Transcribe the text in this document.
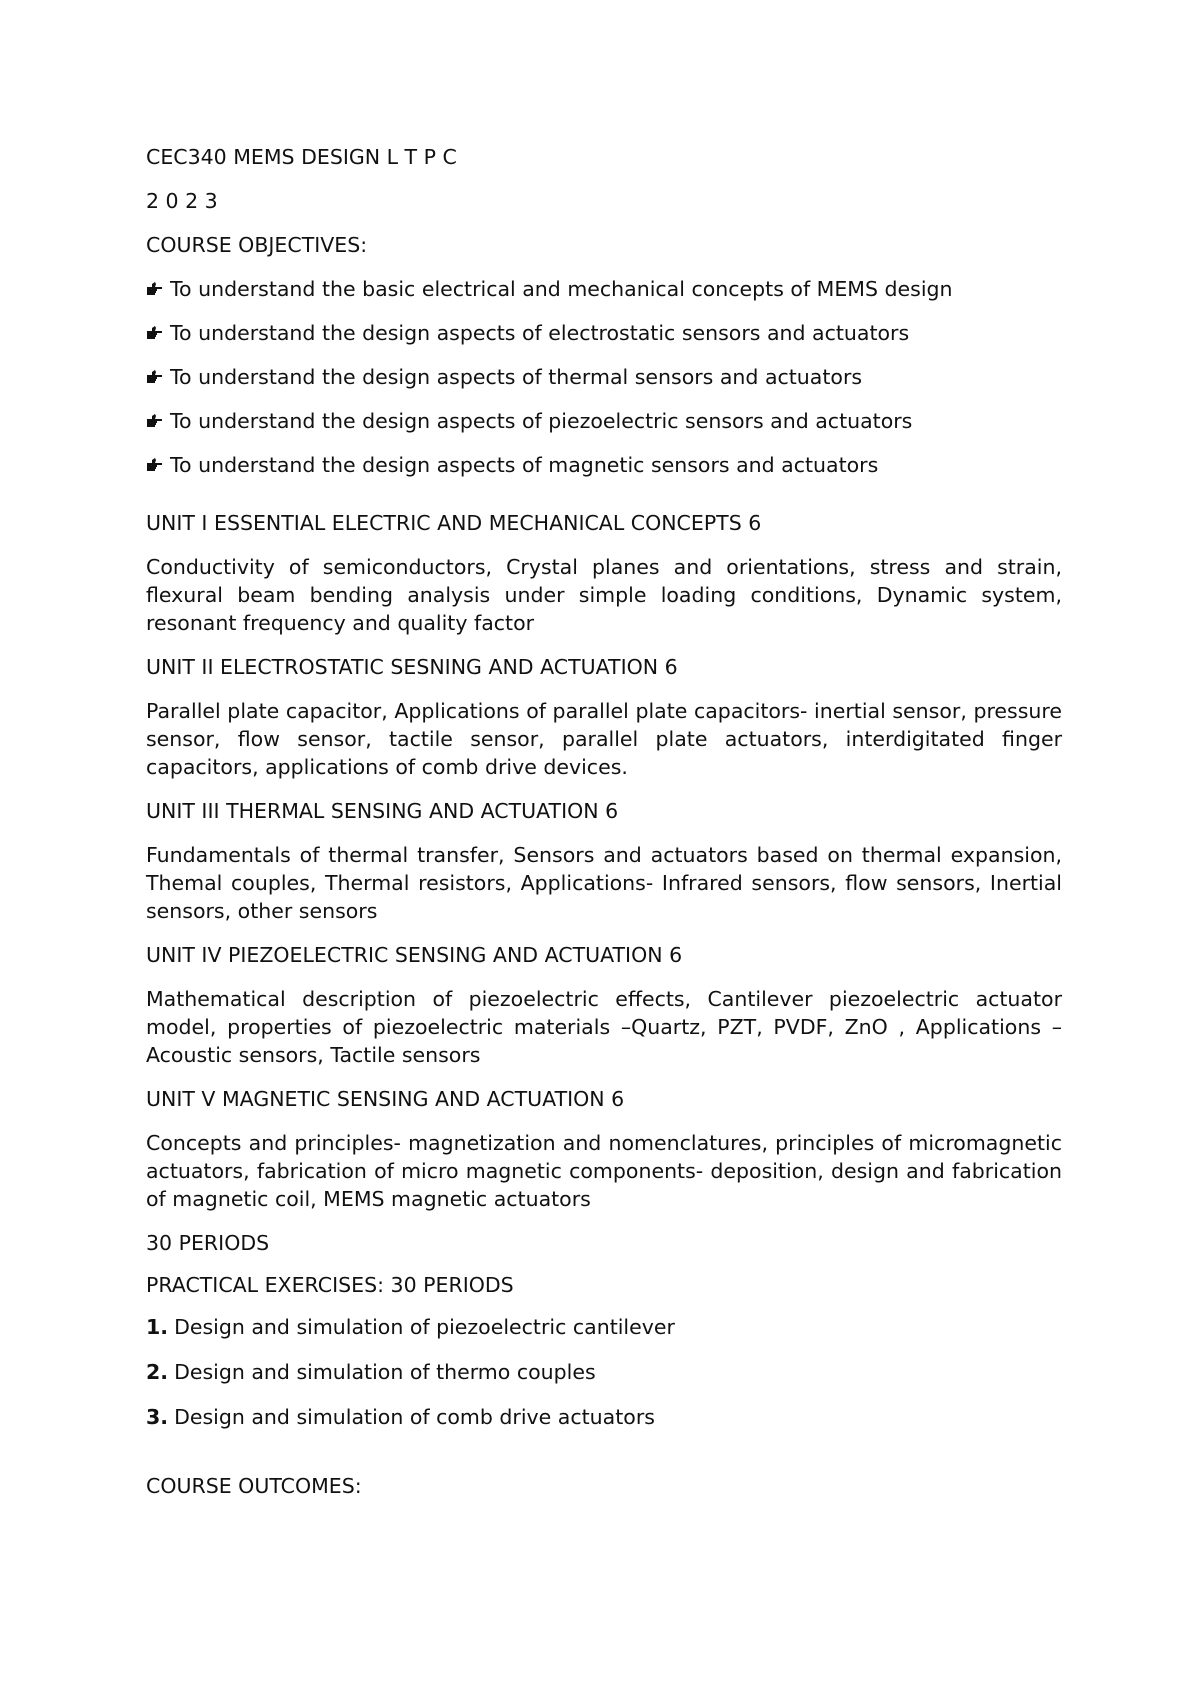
CEC340 MEMS DESIGN L T P C

2 0 2 3

COURSE OBJECTIVES:

To understand the basic electrical and mechanical concepts of MEMS design
To understand the design aspects of electrostatic sensors and actuators
To understand the design aspects of thermal sensors and actuators
To understand the design aspects of piezoelectric sensors and actuators
To understand the design aspects of magnetic sensors and actuators

UNIT I ESSENTIAL ELECTRIC AND MECHANICAL CONCEPTS 6

Conductivity of semiconductors, Crystal planes and orientations, stress and strain, flexural beam bending analysis under simple loading conditions, Dynamic system, resonant frequency and quality factor

UNIT II ELECTROSTATIC SESNING AND ACTUATION 6

Parallel plate capacitor, Applications of parallel plate capacitors- inertial sensor, pressure sensor, flow sensor, tactile sensor, parallel plate actuators, interdigitated finger capacitors, applications of comb drive devices.

UNIT III THERMAL SENSING AND ACTUATION 6

Fundamentals of thermal transfer, Sensors and actuators based on thermal expansion, Themal couples, Thermal resistors, Applications- Infrared sensors, flow sensors, Inertial sensors, other sensors

UNIT IV PIEZOELECTRIC SENSING AND ACTUATION 6

Mathematical description of piezoelectric effects, Cantilever piezoelectric actuator model, properties of piezoelectric materials –Quartz, PZT, PVDF, ZnO , Applications – Acoustic sensors, Tactile sensors

UNIT V MAGNETIC SENSING AND ACTUATION 6

Concepts and principles- magnetization and nomenclatures, principles of micromagnetic actuators, fabrication of micro magnetic components- deposition, design and fabrication of magnetic coil, MEMS magnetic actuators

30 PERIODS

PRACTICAL EXERCISES: 30 PERIODS

1. Design and simulation of piezoelectric cantilever
2. Design and simulation of thermo couples
3. Design and simulation of comb drive actuators

COURSE OUTCOMES:
